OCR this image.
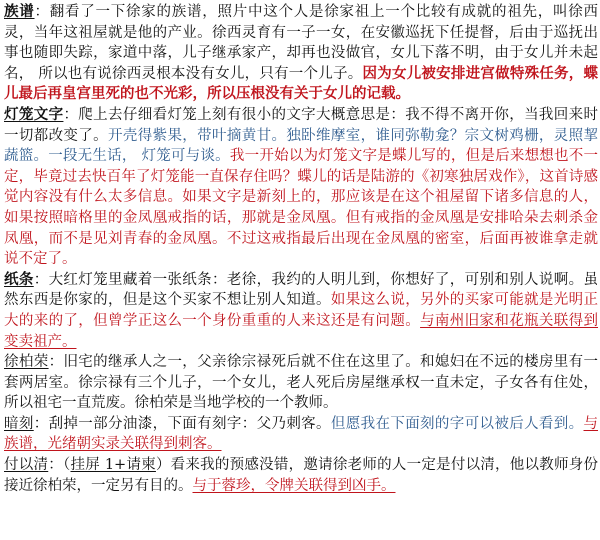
族谱：翻看了一下徐家的族谱，照片中这个人是徐家祖上一个比较有成就的祖先，叫徐西灵，当年这祖屋就是他的产业。徐西灵育有一子一女，在安徽巡抚下任提督，后由于巡抚出事也随即失踪，家道中落，儿子继承家产，却再也没做官，女儿下落不明，由于女儿并未起名， 所以也有说徐西灵根本没有女儿，只有一个儿子。因为女儿被安排进宫做特殊任务，蝶儿最后再皇宫里死的也不光彩，所以压根没有关于女儿的记载。

灯笼文字：爬上去仔细看灯笼上刻有很小的文字大概意思是：我不得不离开你，当我回来时一切都改变了。开壳得紫果，带叶摘黄甘。独卧维摩室，谁同弥勒龛？宗文树鸡栅，灵照挈蔬篮。一段无生话， 灯笼可与谈。我一开始以为灯笼文字是蝶儿写的，但是后来想想也不一定，毕竟过去快百年了灯笼能一直保存住吗？蝶儿的话是陆游的《初寒独居戏作》，这首诗感觉内容没有什么太多信息。如果文字是新刻上的，那应该是在这个祖屋留下诸多信息的人，如果按照暗格里的金凤凰戒指的话，那就是金凤凰。但有戒指的金凤凰是安排哈朵去刺杀金凤凰，而不是见刘青春的金凤凰。不过这戒指最后出现在金凤凰的密室，后面再被谁拿走就说不定了。

纸条：大红灯笼里藏着一张纸条：老徐，我约的人明儿到，你想好了，可别和别人说啊。虽然东西是你家的，但是这个买家不想让别人知道。如果这么说，另外的买家可能就是光明正大的来的了，但曾学正这么一个身份重重的人来这还是有问题。与南州旧家和花瓶关联得到变卖祖产。

徐柏荣：旧宅的继承人之一，父亲徐宗禄死后就不住在这里了。和媳妇在不远的楼房里有一套两居室。徐宗禄有三个儿子，一个女儿，老人死后房屋继承权一直未定，子女各有住处，所以祖宅一直荒废。徐柏荣是当地学校的一个教师。

暗刻：刮掉一部分油漆，下面有刻字：父乃刺客。但愿我在下面刻的字可以被后人看到。与族谱，光绪朝实录关联得到刺客。

付以清：（挂屏 1+请柬）看来我的预感没错，邀请徐老师的人一定是付以清，他以教师身份接近徐柏荣，一定另有目的。与于蓉珍，令牌关联得到凶手。
